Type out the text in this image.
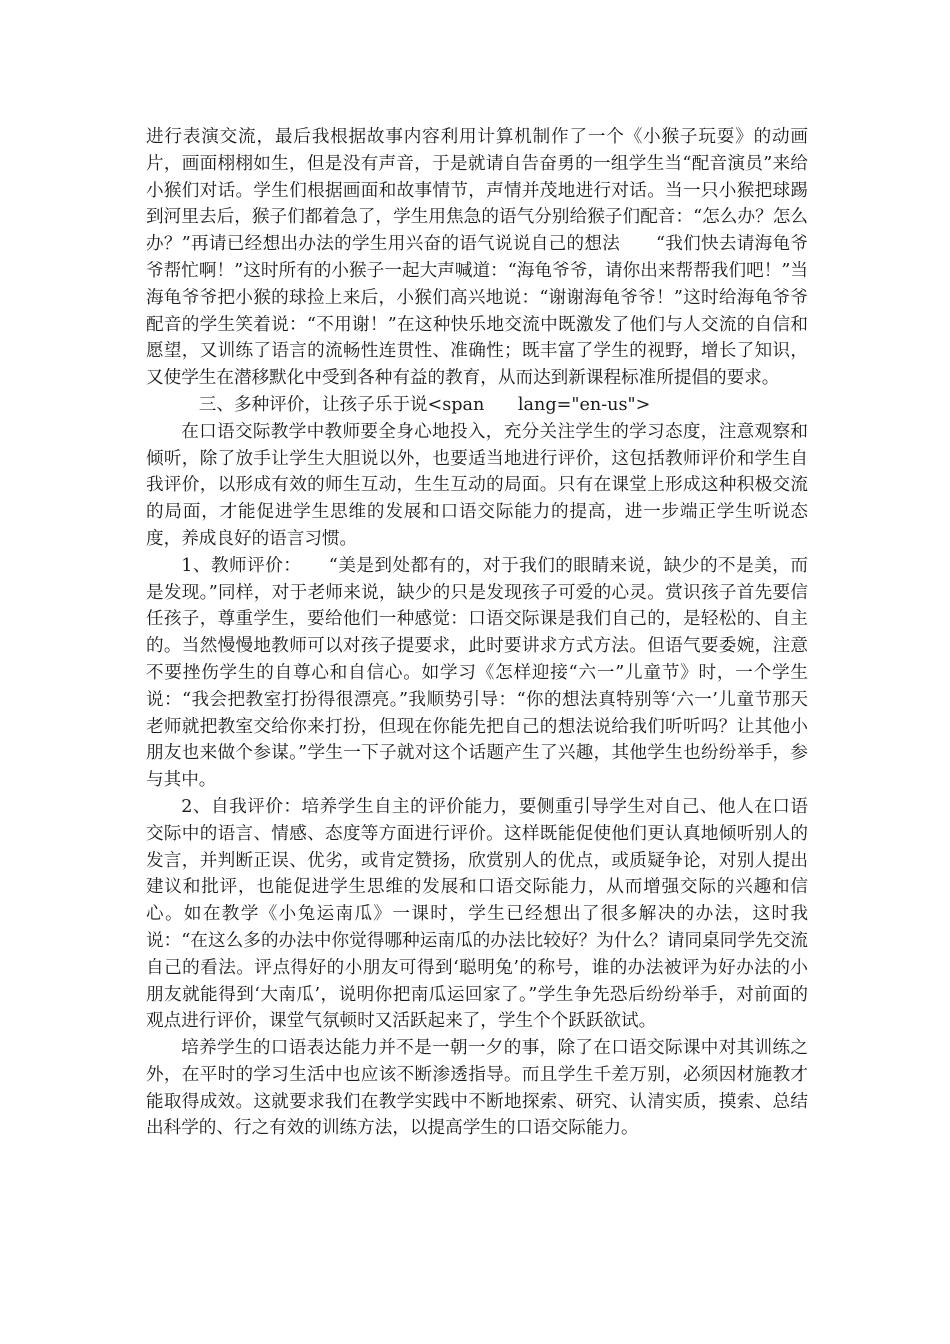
进行表演交流，最后我根据故事内容利用计算机制作了一个《小猴子玩耍》的动画片，画面栩栩如生，但是没有声音，于是就请自告奋勇的一组学生当“配音演员”来给小猴们对话。学生们根据画面和故事情节，声情并茂地进行对话。当一只小猴把球踢到河里去后，猴子们都着急了，学生用焦急的语气分别给猴子们配音：“怎么办？怎么办？”再请已经想出办法的学生用兴奋的语气说说自己的想法　　“我们快去请海龟爷爷帮忙啊！”这时所有的小猴子一起大声喊道：“海龟爷爷，请你出来帮帮我们吧！”当海龟爷爷把小猴的球捡上来后，小猴们高兴地说：“谢谢海龟爷爷！”这时给海龟爷爷配音的学生笑着说：“不用谢！”在这种快乐地交流中既激发了他们与人交流的自信和愿望，又训练了语言的流畅性连贯性、准确性；既丰富了学生的视野，增长了知识，又使学生在潜移默化中受到各种有益的教育，从而达到新课程标准所提倡的要求。

三、多种评价，让孩子乐于说<span      lang="en-us">

在口语交际教学中教师要全身心地投入，充分关注学生的学习态度，注意观察和倾听，除了放手让学生大胆说以外，也要适当地进行评价，这包括教师评价和学生自我评价，以形成有效的师生互动，生生互动的局面。只有在课堂上形成这种积极交流的局面，才能促进学生思维的发展和口语交际能力的提高，进一步端正学生听说态度，养成良好的语言习惯。

1、教师评价：　　“美是到处都有的，对于我们的眼睛来说，缺少的不是美，而是发现。”同样，对于老师来说，缺少的只是发现孩子可爱的心灵。赏识孩子首先要信任孩子，尊重学生，要给他们一种感觉：口语交际课是我们自己的，是轻松的、自主的。当然慢慢地教师可以对孩子提要求，此时要讲求方式方法。但语气要委婉，注意不要挫伤学生的自尊心和自信心。如学习《怎样迎接“六一”儿童节》时，一个学生说：“我会把教室打扮得很漂亮。”我顺势引导：“你的想法真特别等‘六一’儿童节那天老师就把教室交给你来打扮，但现在你能先把自己的想法说给我们听听吗？让其他小朋友也来做个参谋。”学生一下子就对这个话题产生了兴趣，其他学生也纷纷举手，参与其中。

2、自我评价：培养学生自主的评价能力，要侧重引导学生对自己、他人在口语交际中的语言、情感、态度等方面进行评价。这样既能促使他们更认真地倾听别人的发言，并判断正误、优劣，或肯定赞扬，欣赏别人的优点，或质疑争论，对别人提出建议和批评，也能促进学生思维的发展和口语交际能力，从而增强交际的兴趣和信心。如在教学《小兔运南瓜》一课时，学生已经想出了很多解决的办法，这时我说：“在这么多的办法中你觉得哪种运南瓜的办法比较好？为什么？请同桌同学先交流自己的看法。评点得好的小朋友可得到‘聪明兔’的称号，谁的办法被评为好办法的小朋友就能得到‘大南瓜’，说明你把南瓜运回家了。”学生争先恐后纷纷举手，对前面的观点进行评价，课堂气氛顿时又活跃起来了，学生个个跃跃欲试。

培养学生的口语表达能力并不是一朝一夕的事，除了在口语交际课中对其训练之外，在平时的学习生活中也应该不断渗透指导。而且学生千差万别，必须因材施教才能取得成效。这就要求我们在教学实践中不断地探索、研究、认清实质，摸索、总结出科学的、行之有效的训练方法，以提高学生的口语交际能力。
